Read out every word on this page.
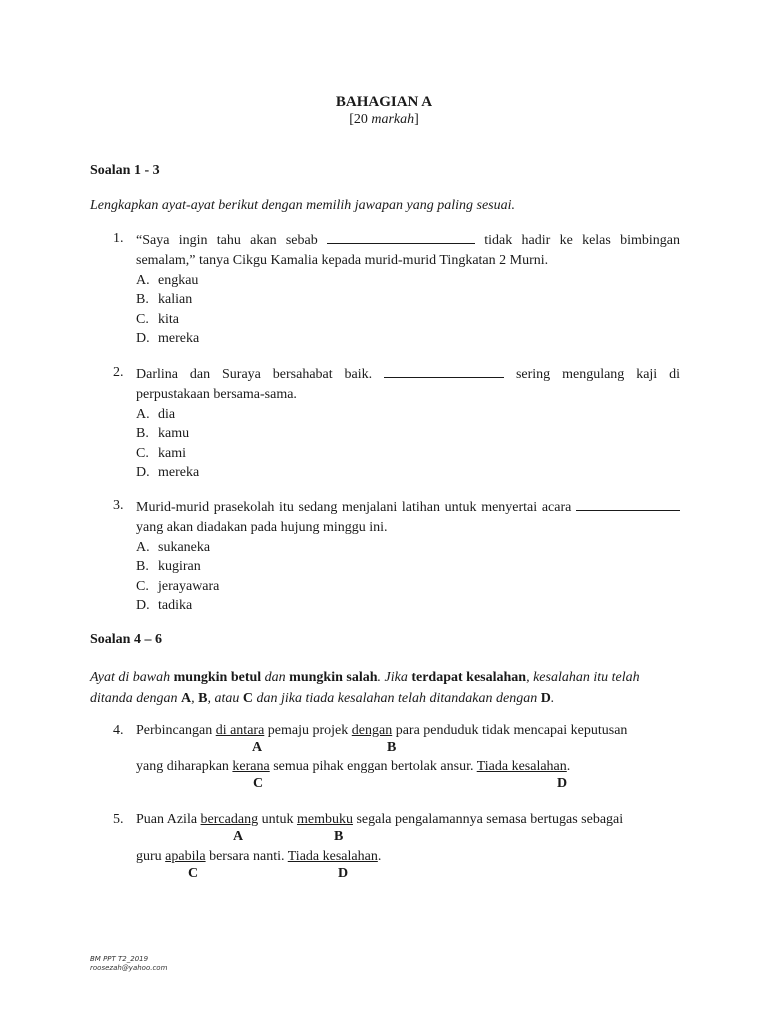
BAHAGIAN A
[20 markah]
Soalan 1 - 3
Lengkapkan ayat-ayat berikut dengan memilih jawapan yang paling sesuai.
1. “Saya ingin tahu akan sebab	tidak hadir ke kelas bimbingan semalam,” tanya Cikgu Kamalia kepada murid-murid Tingkatan 2 Murni.
A. engkau
B. kalian
C. kita
D. mereka
2. Darlina dan Suraya bersahabat baik.	sering mengulang kaji di perpustakaan bersama-sama.
A. dia
B. kamu
C. kami
D. mereka
3. Murid-murid prasekolah itu sedang menjalani latihan untuk menyertai acara  yang akan diadakan pada hujung minggu ini.
A. sukaneka
B. kugiran
C. jerayawara
D. tadika
Soalan 4 – 6
Ayat di bawah mungkin betul dan mungkin salah. Jika terdapat kesalahan, kesalahan itu telah ditanda dengan A, B, atau C dan jika tiada kesalahan telah ditandakan dengan D.
4. Perbincangan di antara pemaju projek dengan para penduduk tidak mencapai keputusan
A	B
yang diharapkan kerana semua pihak enggan bertolak ansur. Tiada kesalahan.
C	D
5. Puan Azila bercadang untuk membuku segala pengalamannya semasa bertugas sebagai
A	B
guru apabila bersara nanti. Tiada kesalahan.
C	D
BM PPT T2_2019
roosezah@yahoo.com
